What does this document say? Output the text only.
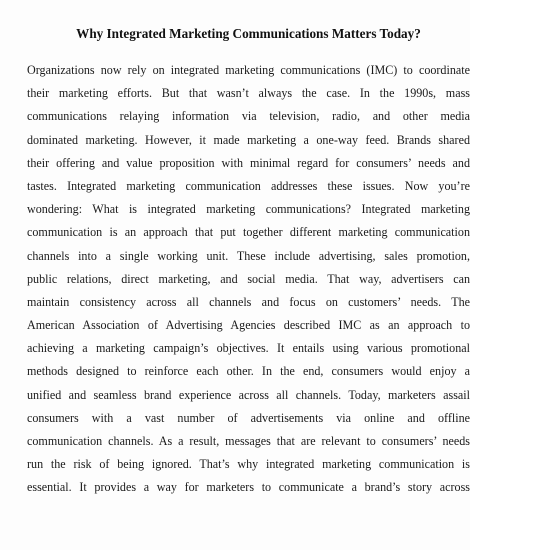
Why Integrated Marketing Communications Matters Today?
Organizations now rely on integrated marketing communications (IMC) to coordinate
their marketing efforts. But that wasn’t always the case. In the 1990s, mass
communications relaying information via television, radio, and other media
dominated marketing. However, it made marketing a one-way feed. Brands shared
their offering and value proposition with minimal regard for consumers’ needs and
tastes. Integrated marketing communication addresses these issues. Now you’re
wondering: What is integrated marketing communications? Integrated marketing
communication is an approach that put together different marketing communication
channels into a single working unit. These include advertising, sales promotion,
public relations, direct marketing, and social media. That way, advertisers can
maintain consistency across all channels and focus on customers’ needs. The
American Association of Advertising Agencies described IMC as an approach to
achieving a marketing campaign’s objectives. It entails using various promotional
methods designed to reinforce each other. In the end, consumers would enjoy a
unified and seamless brand experience across all channels. Today, marketers assail
consumers with a vast number of advertisements via online and offline
communication channels. As a result, messages that are relevant to consumers’ needs
run the risk of being ignored. That’s why integrated marketing communication is
essential. It provides a way for marketers to communicate a brand’s story across
